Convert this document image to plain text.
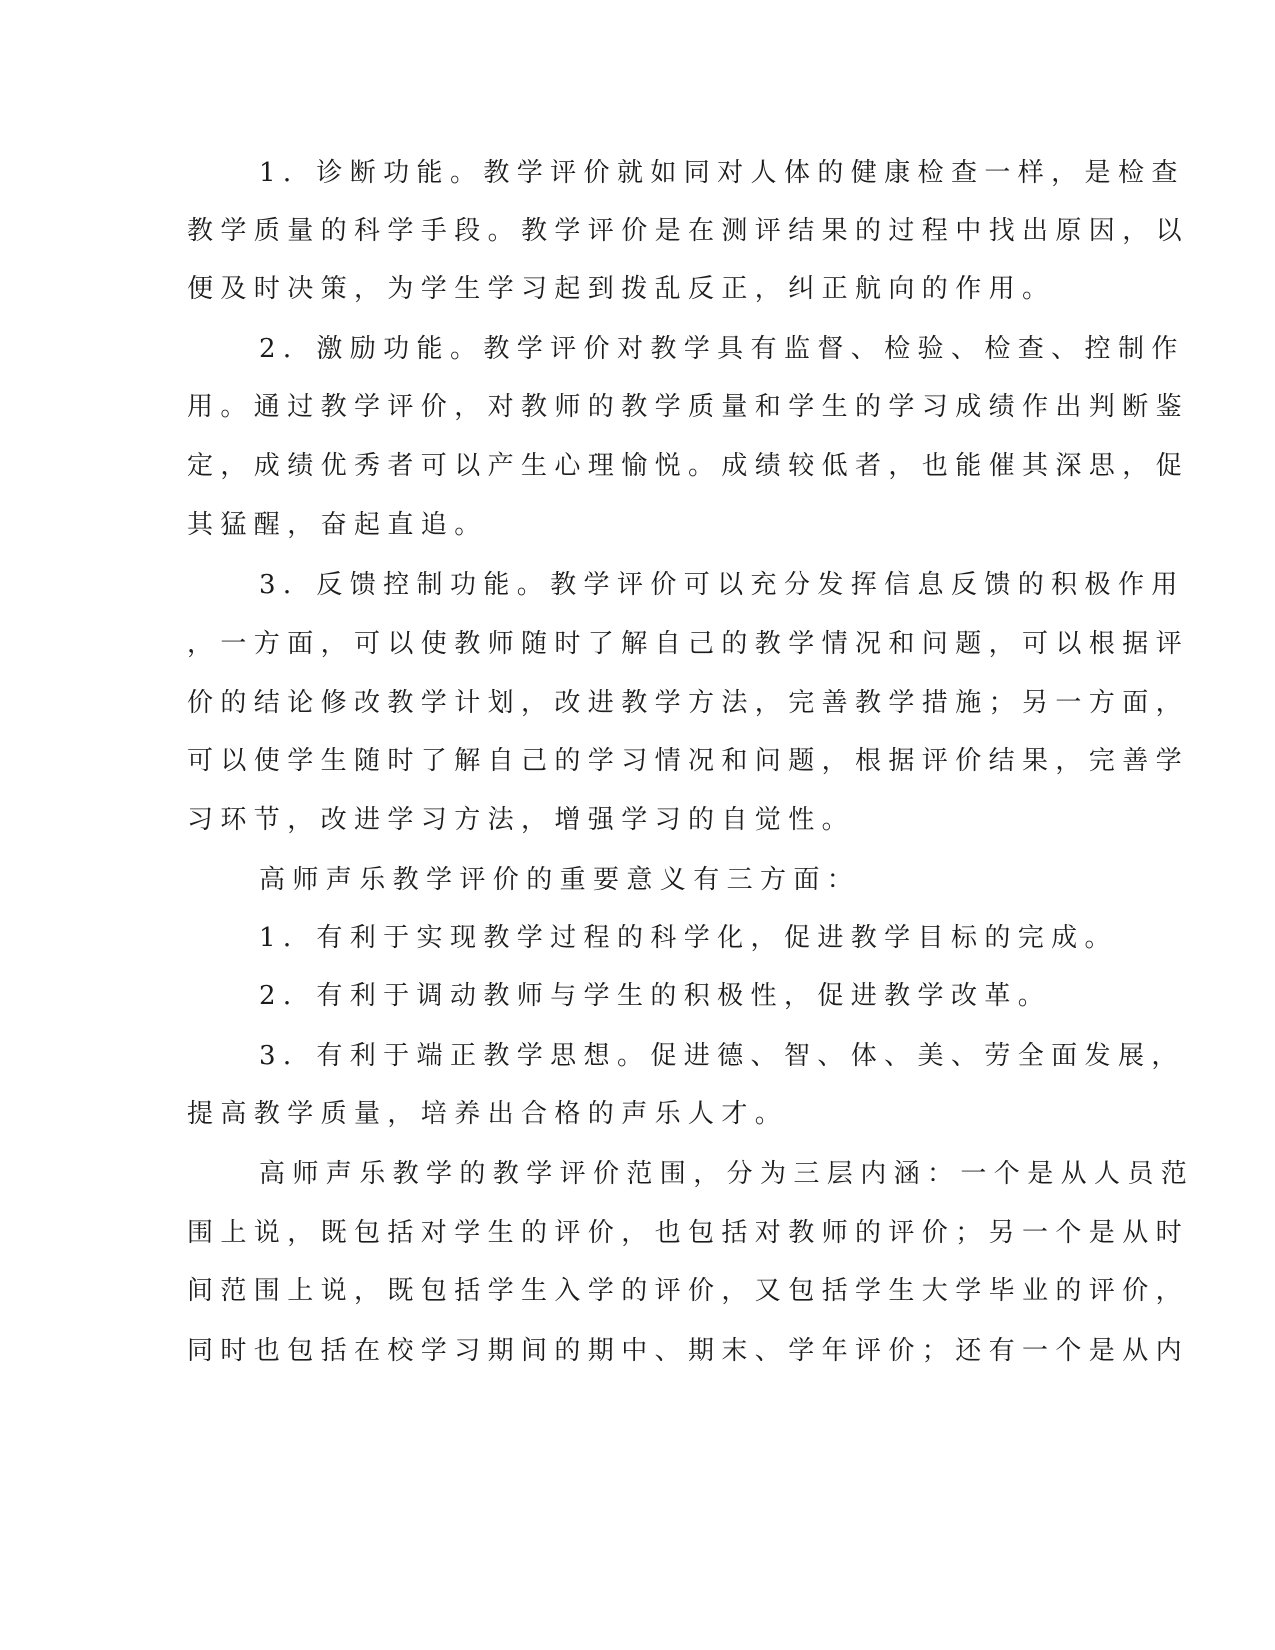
1．诊断功能。教学评价就如同对人体的健康检查一样，是检查
教学质量的科学手段。教学评价是在测评结果的过程中找出原因，以
便及时决策，为学生学习起到拨乱反正，纠正航向的作用。
2．激励功能。教学评价对教学具有监督、检验、检查、控制作
用。通过教学评价，对教师的教学质量和学生的学习成绩作出判断鉴
定，成绩优秀者可以产生心理愉悦。成绩较低者，也能催其深思，促
其猛醒，奋起直追。
3．反馈控制功能。教学评价可以充分发挥信息反馈的积极作用
，一方面，可以使教师随时了解自己的教学情况和问题，可以根据评
价的结论修改教学计划，改进教学方法，完善教学措施；另一方面，
可以使学生随时了解自己的学习情况和问题，根据评价结果，完善学
习环节，改进学习方法，增强学习的自觉性。
高师声乐教学评价的重要意义有三方面：
1．有利于实现教学过程的科学化，促进教学目标的完成。
2．有利于调动教师与学生的积极性，促进教学改革。
3．有利于端正教学思想。促进德、智、体、美、劳全面发展，
提高教学质量，培养出合格的声乐人才。
高师声乐教学的教学评价范围，分为三层内涵：一个是从人员范
围上说，既包括对学生的评价，也包括对教师的评价；另一个是从时
间范围上说，既包括学生入学的评价，又包括学生大学毕业的评价，
同时也包括在校学习期间的期中、期末、学年评价；还有一个是从内
